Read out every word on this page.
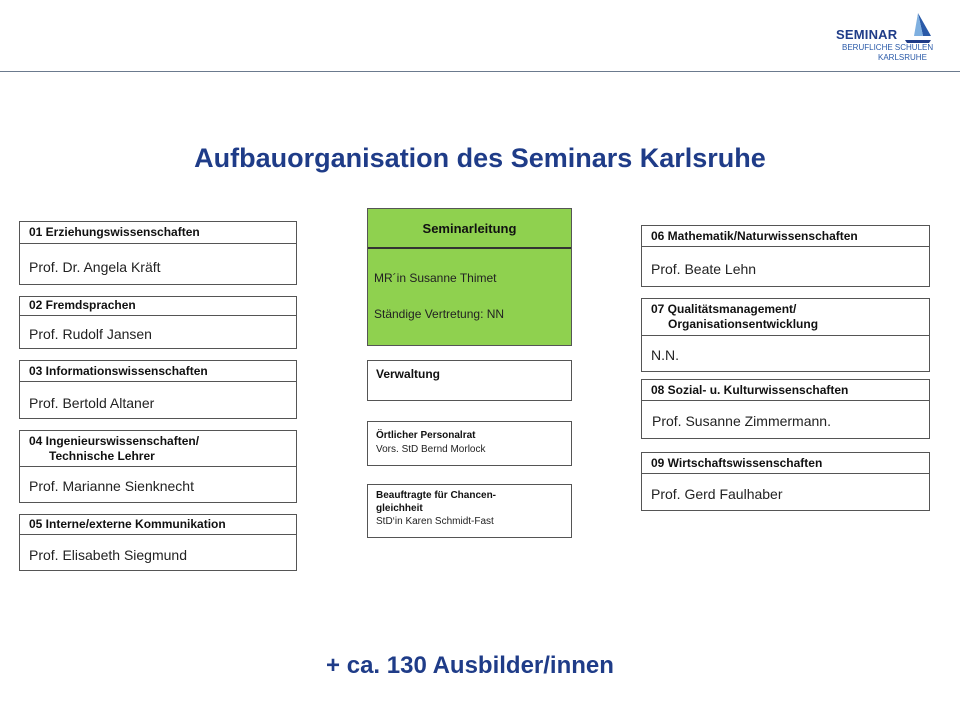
SEMINAR
BERUFLICHE SCHULEN
KARLSRUHE
Aufbauorganisation des Seminars Karlsruhe
01 Erziehungswissenschaften
Prof. Dr. Angela Kräft
02 Fremdsprachen
Prof. Rudolf Jansen
03 Informationswissenschaften
Prof. Bertold Altaner
04 Ingenieurswissenschaften/
Technische Lehrer
Prof. Marianne Sienknecht
05 Interne/externe Kommunikation
Prof. Elisabeth Siegmund
Seminarleitung
MR´in Susanne Thimet
Ständige Vertretung: NN
Verwaltung
Örtlicher Personalrat
Vors. StD Bernd Morlock
Beauftragte für Chancen-
gleichheit
StD‘in Karen Schmidt-Fast
06 Mathematik/Naturwissenschaften
Prof. Beate Lehn
07 Qualitätsmanagement/
Organisationsentwicklung
N.N.
08 Sozial- u. Kulturwissenschaften
Prof. Susanne Zimmermann.
09 Wirtschaftswissenschaften
Prof. Gerd Faulhaber
+ ca. 130 Ausbilder/innen
